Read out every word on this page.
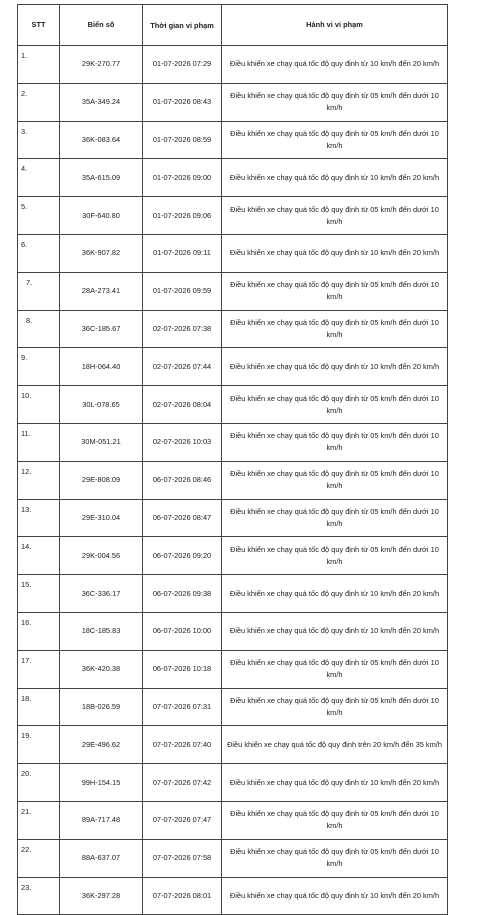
STT	Biển số	Thời gian vi phạm	Hành vi vi phạm
1.	29K-270.77	01-07-2026 07:29	Điều khiển xe chạy quá tốc độ quy định từ 10 km/h đến 20 km/h
2.	35A-349.24	01-07-2026 08:43	Điều khiển xe chạy quá tốc độ quy định từ 05 km/h đến dưới 10 km/h
3.	36K-083.64	01-07-2026 08:59	Điều khiển xe chạy quá tốc độ quy định từ 05 km/h đến dưới 10 km/h
4.	35A-615.09	01-07-2026 09:00	Điều khiển xe chạy quá tốc độ quy định từ 10 km/h đến 20 km/h
5.	30F-640.80	01-07-2026 09:06	Điều khiển xe chạy quá tốc độ quy định từ 05 km/h đến dưới 10 km/h
6.	36K-907.82	01-07-2026 09:11	Điều khiển xe chạy quá tốc độ quy định từ 10 km/h đến 20 km/h
7.	28A-273.41	01-07-2026 09:59	Điều khiển xe chạy quá tốc độ quy định từ 05 km/h đến dưới 10 km/h
8.	36C-185.67	02-07-2026 07:38	Điều khiển xe chạy quá tốc độ quy định từ 05 km/h đến dưới 10 km/h
9.	18H-064.40	02-07-2026 07:44	Điều khiển xe chạy quá tốc độ quy định từ 10 km/h đến 20 km/h
10.	30L-078.65	02-07-2026 08:04	Điều khiển xe chạy quá tốc độ quy định từ 05 km/h đến dưới 10 km/h
11.	30M-051.21	02-07-2026 10:03	Điều khiển xe chạy quá tốc độ quy định từ 05 km/h đến dưới 10 km/h
12.	29E-808.09	06-07-2026 08:46	Điều khiển xe chạy quá tốc độ quy định từ 05 km/h đến dưới 10 km/h
13.	29E-310.04	06-07-2026 08:47	Điều khiển xe chạy quá tốc độ quy định từ 05 km/h đến dưới 10 km/h
14.	29K-004.56	06-07-2026 09:20	Điều khiển xe chạy quá tốc độ quy định từ 05 km/h đến dưới 10 km/h
15.	36C-336.17	06-07-2026 09:38	Điều khiển xe chạy quá tốc độ quy định từ 10 km/h đến 20 km/h
16.	18C-185.83	06-07-2026 10:00	Điều khiển xe chạy quá tốc độ quy định từ 10 km/h đến 20 km/h
17.	36K-420.38	06-07-2026 10:18	Điều khiển xe chạy quá tốc độ quy định từ 05 km/h đến dưới 10 km/h
18.	18B-026.59	07-07-2026 07:31	Điều khiển xe chạy quá tốc độ quy định từ 05 km/h đến dưới 10 km/h
19.	29E-496.62	07-07-2026 07:40	Điều khiển xe chạy quá tốc độ quy định trên 20 km/h đến 35 km/h
20.	99H-154.15	07-07-2026 07:42	Điều khiển xe chạy quá tốc độ quy định từ 10 km/h đến 20 km/h
21.	89A-717.48	07-07-2026 07:47	Điều khiển xe chạy quá tốc độ quy định từ 05 km/h đến dưới 10 km/h
22.	88A-637.07	07-07-2026 07:58	Điều khiển xe chạy quá tốc độ quy định từ 05 km/h đến dưới 10 km/h
23.	36K-297.28	07-07-2026 08:01	Điều khiển xe chạy quá tốc độ quy định từ 10 km/h đến 20 km/h
